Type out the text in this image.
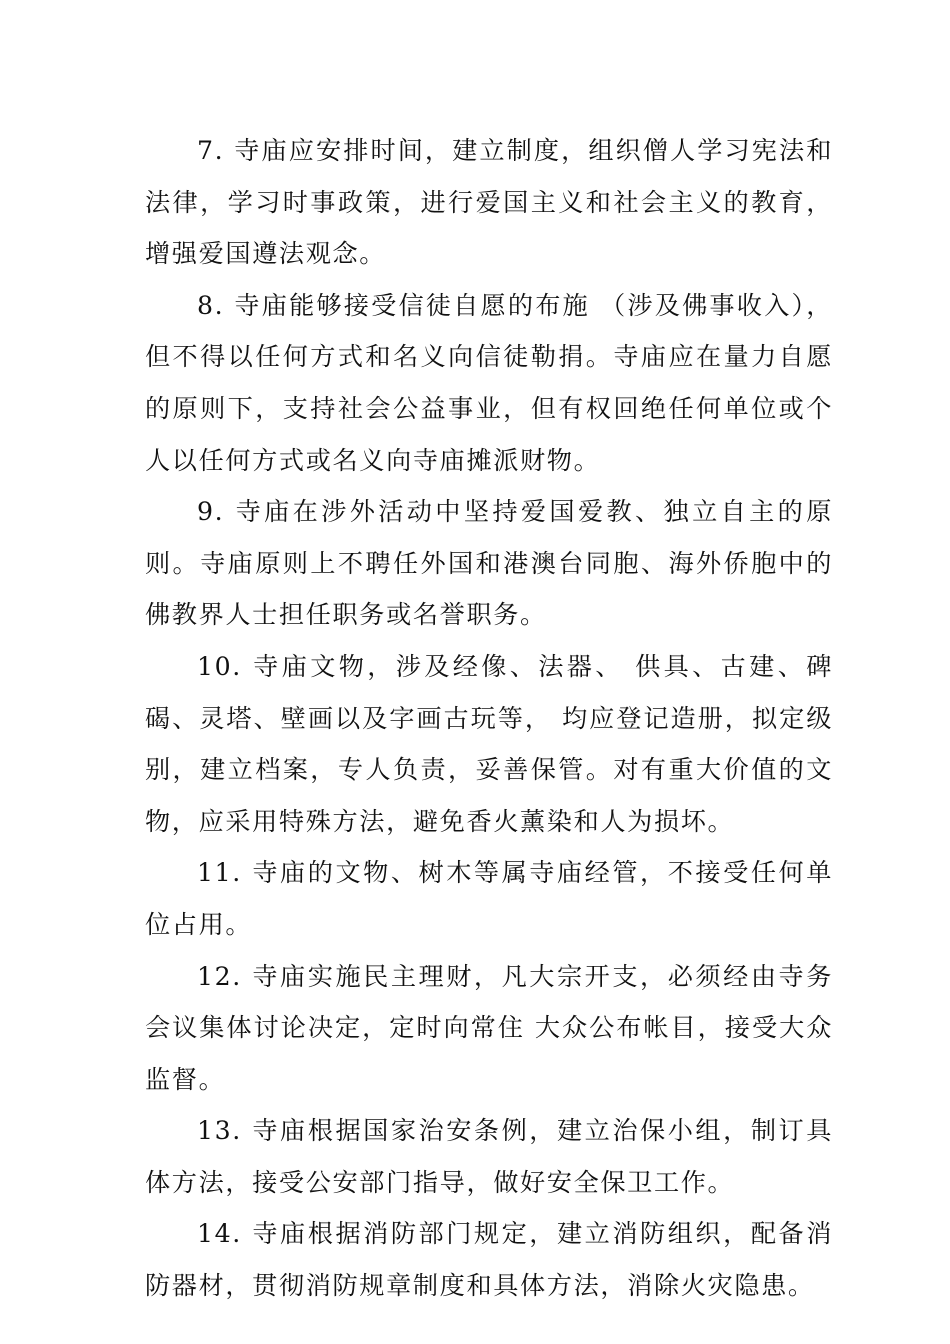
7. 寺庙应安排时间，建立制度，组织僧人学习宪法和法律，学习时事政策，进行爱国主义和社会主义的教育，增强爱国遵法观念。

8. 寺庙能够接受信徒自愿的布施 （涉及佛事收入），但不得以任何方式和名义向信徒勒捐。寺庙应在量力自愿的原则下，支持社会公益事业，但有权回绝任何单位或个人以任何方式或名义向寺庙摊派财物。

9. 寺庙在涉外活动中坚持爱国爱教、独立自主的原则。寺庙原则上不聘任外国和港澳台同胞、海外侨胞中的佛教界人士担任职务或名誉职务。

10. 寺庙文物，涉及经像、法器、 供具、古建、碑碣、灵塔、壁画以及字画古玩等， 均应登记造册，拟定级别，建立档案，专人负责，妥善保管。对有重大价值的文物，应采用特殊方法，避免香火薰染和人为损坏。

11. 寺庙的文物、树木等属寺庙经管，不接受任何单位占用。

12. 寺庙实施民主理财，凡大宗开支，必须经由寺务会议集体讨论决定，定时向常住 大众公布帐目，接受大众监督。

13. 寺庙根据国家治安条例，建立治保小组，制订具体方法，接受公安部门指导，做好安全保卫工作。

14. 寺庙根据消防部门规定，建立消防组织，配备消防器材，贯彻消防规章制度和具体方法，消除火灾隐患。
